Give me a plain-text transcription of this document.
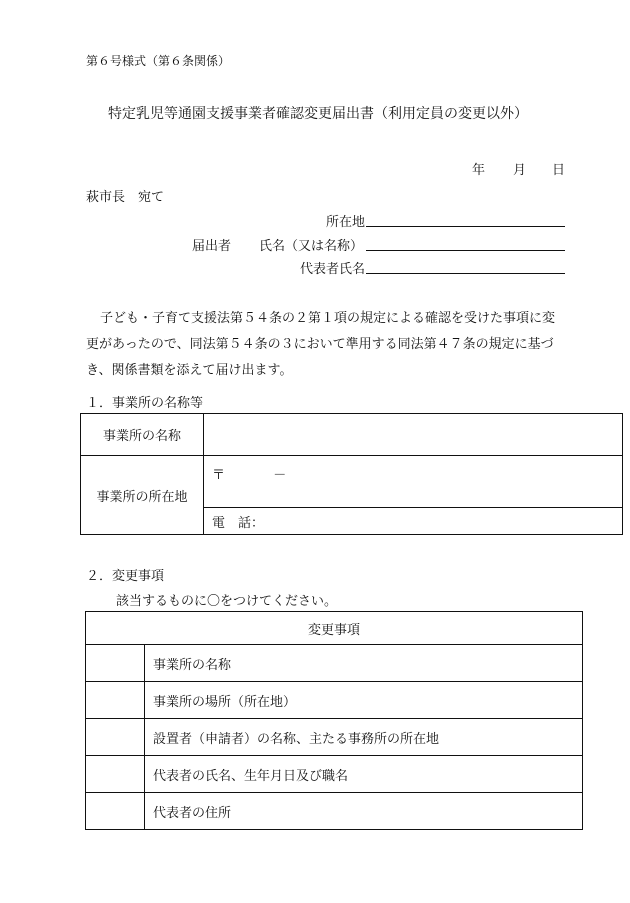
第６号様式（第６条関係）
特定乳児等通園支援事業者確認変更届出書（利用定員の変更以外）
年 月 日
萩市長　宛て
所在地
届出者 氏名（又は名称）
代表者氏名
子ども・子育て支援法第５４条の２第１項の規定による確認を受けた事項に変
更があったので、同法第５４条の３において準用する同法第４７条の規定に基づ
き、関係書類を添えて届け出ます。
１．事業所の名称等
事業所の名称	
事業所の所在地	〒 －
	電　話：
２．変更事項
該当するものに〇をつけてください。
変更事項	
	事業所の名称
	事業所の場所（所在地）
	設置者（申請者）の名称、主たる事務所の所在地
	代表者の氏名、生年月日及び職名
	代表者の住所
